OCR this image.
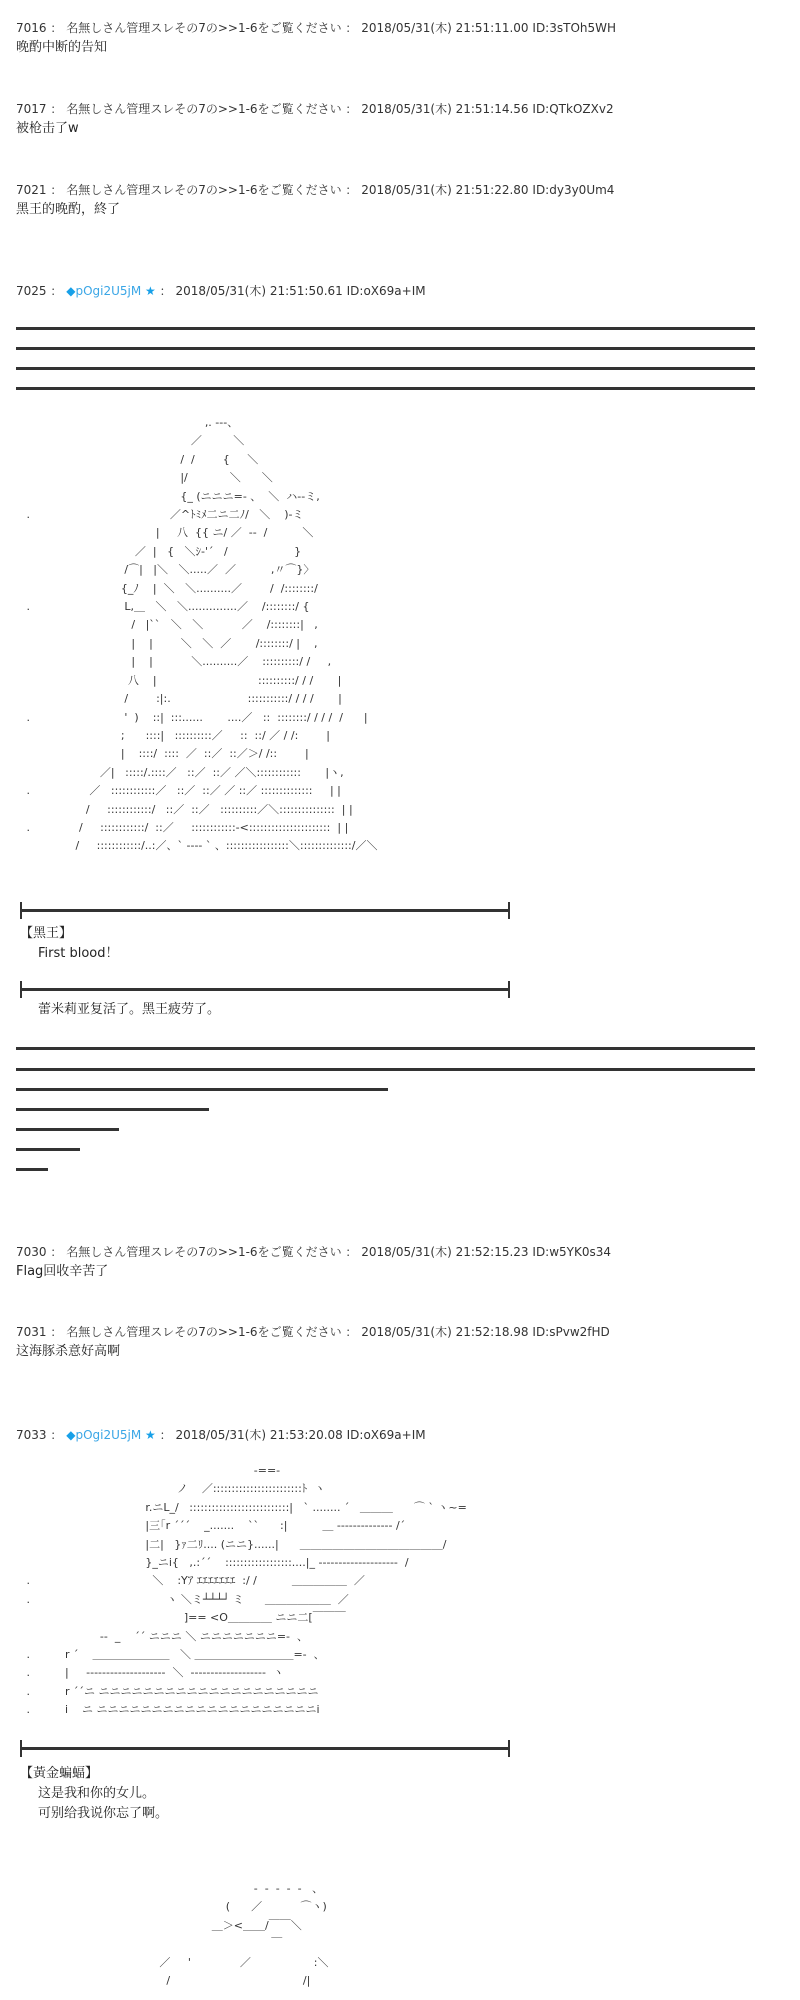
7016 ： 名無しさん管理スレその7の>>1-6をご覧ください ： 2018/05/31(木) 21:51:11.00 ID:3sTOh5WH
晚酌中断的告知
7017 ： 名無しさん管理スレその7の>>1-6をご覧ください ： 2018/05/31(木) 21:51:14.56 ID:QTkOZXv2
被枪击了w
7021 ： 名無しさん管理スレその7の>>1-6をご覧ください ： 2018/05/31(木) 21:51:22.80 ID:dy3y0Um4
黑王的晚酌，終了
7025 ： ◆pOgi2U5jM ★ ： 2018/05/31(木) 21:51:50.61 ID:oX69a+IM
,. -‐-、
／         ＼
/  /        {     ＼
|/            ＼      ＼
{_ (ニニニ=- 、  ＼  ハ-‐ミ,
.                                        ／^ﾄﾐﾒ二ニ二ﾉ/   ＼    )‐ミ
|     八  {{ ニ/ ／  -‐  /          ＼
／  |   {   ＼ｼ‐'´   /                   }
/⌒|   |＼   ＼.....／  ／          ,〃⌒}〉
{_ﾉ    |  ＼   ＼..........／        /  /::::::::/
.                           L,＿   ＼   ＼..............／    /::::::::/ {
/   |``   ＼   ＼           ／    /::::::::|   ,
|    |        ＼   ＼  ／       /::::::::/ |    ,
|    |           ＼..........／    ::::::::::/ /     ,
八    |                             ::::::::::/ / /       |
/        :|:.                      :::::::::::/ / / /       |
.                           '  )    ::|  :::......       ....／   ::  ::::::::/ / / /  /      |
;      ::::|   ::::::::::／     ::  ::/ ／ / /:        |
|    ::::/  ::::  ／  ::／  ::／＞/ /::        |
／|   :::::/.::::／   ::／  ::／ ／＼::::::::::::       |ヽ,
.                 ／   ::::::::::::／   ::／  ::／ ／ ::／ ::::::::::::::     | |
/     ::::::::::::/   ::／  ::／   ::::::::::／＼:::::::::::::::  | |
.              /     ::::::::::::/  ::／     ::::::::::::‐<::::::::::::::::::::::  | |
/     ::::::::::::/..:／、` ‐--‐ ` 、:::::::::::::::::＼::::::::::::::/／＼
【黑王】
First blood！
蕾米莉亚复活了。黑王疲劳了。
7030 ： 名無しさん管理スレその7の>>1-6をご覧ください ： 2018/05/31(木) 21:52:15.23 ID:w5YK0s34
Flag回收辛苦了
7031 ： 名無しさん管理スレその7の>>1-6をご覧ください ： 2018/05/31(木) 21:52:18.98 ID:sPvw2fHD
这海豚杀意好高啊
7033 ： ◆pOgi2U5jM ★ ： 2018/05/31(木) 21:53:20.08 ID:oX69a+IM
-==-
ノ    ／::::::::::::::::::::::::ﾄ  ヽ
r.ニL_/   :::::::::::::::::::::::::::|   ` ........ ´   ＿＿＿      ⌒ ` ヽ~=
|三｢r ´´´    _.......    ``      :|          ＿ -‐‐‐‐‐‐‐‐‐‐‐‐‐ /´
|二|   }ｧ二ﾘ.... (ニニ}......|      ＿＿＿＿＿＿＿＿＿＿＿＿＿/
}_ニi{   ,.:´´    ::::::::::::::::::....|_ ‐‐‐‐‐‐‐‐‐‐‐‐‐‐‐‐‐‐‐‐  /
.                                   ＼    :Yｱ ｴｴｴｴｴｴｴ  :/ /          ＿＿＿＿＿  ／
.                                       ヽ ＼ミ┴┴┴┘ ミ      ＿＿＿＿＿＿  ／
]== <O＿＿＿＿ ニニ二[￣￣￣
-‐  _    ´´ ニニニ ＼ ニニニニニニニ=-  、
.          r ´    ＿＿＿＿＿＿＿   ＼ ＿＿＿＿＿＿＿＿＿=-  、
.          |     ‐‐‐‐‐‐‐‐‐‐‐‐‐‐‐‐‐‐‐‐  ＼  ‐‐‐‐‐‐‐‐‐‐‐‐‐‐‐‐‐‐‐  ヽ
.          r ´´ニ ニニニニニニニニニニニニニニニニニニニニ
.          i    ニ ニニニニニニニニニニニニニニニニニニニニi
【黃金蝙蝠】
这是我和你的女儿。
可别给我说你忘了啊。
-  -  -  -  -   、
(      ／           ⌒ヽ)
＿＞<＿＿/￣￣＼
￣
／     '              ／                  :＼
/                                      /|
